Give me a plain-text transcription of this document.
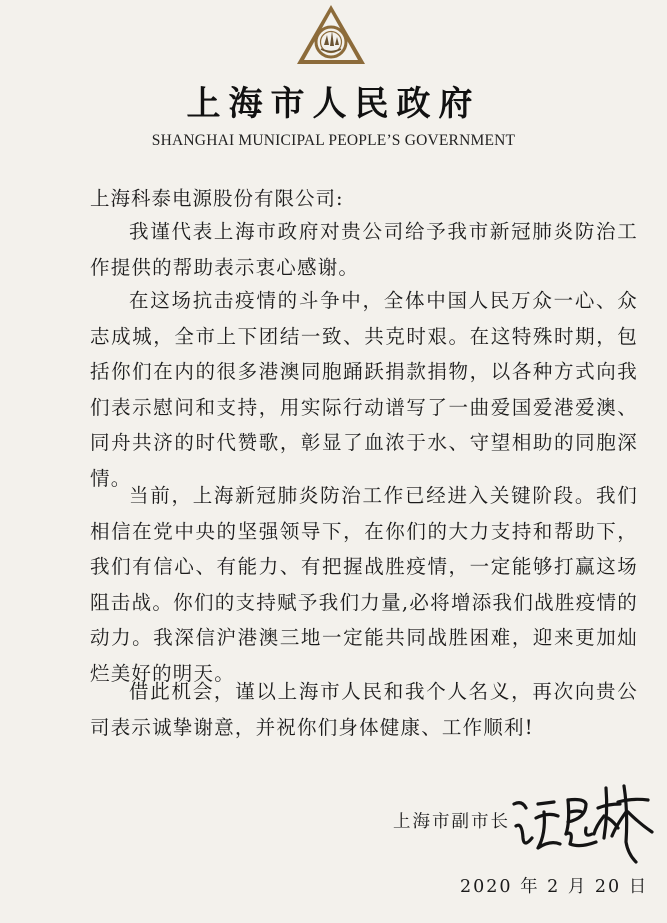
上海市人民政府
SHANGHAI MUNICIPAL PEOPLE’S GOVERNMENT
上海科泰电源股份有限公司:

我谨代表上海市政府对贵公司给予我市新冠肺炎防治工作提供的帮助表示衷心感谢。

在这场抗击疫情的斗争中，全体中国人民万众一心、众志成城，全市上下团结一致、共克时艰。在这特殊时期，包括你们在内的很多港澳同胞踊跃捐款捐物，以各种方式向我们表示慰问和支持，用实际行动谱写了一曲爱国爱港爱澳、同舟共济的时代赞歌，彰显了血浓于水、守望相助的同胞深情。

当前，上海新冠肺炎防治工作已经进入关键阶段。我们相信在党中央的坚强领导下，在你们的大力支持和帮助下，我们有信心、有能力、有把握战胜疫情，一定能够打赢这场阻击战。你们的支持赋予我们力量,必将增添我们战胜疫情的动力。我深信沪港澳三地一定能共同战胜困难，迎来更加灿烂美好的明天。

借此机会，谨以上海市人民和我个人名义，再次向贵公司表示诚挚谢意，并祝你们身体健康、工作顺利!

上海市副市长
2020 年 2 月 20 日
